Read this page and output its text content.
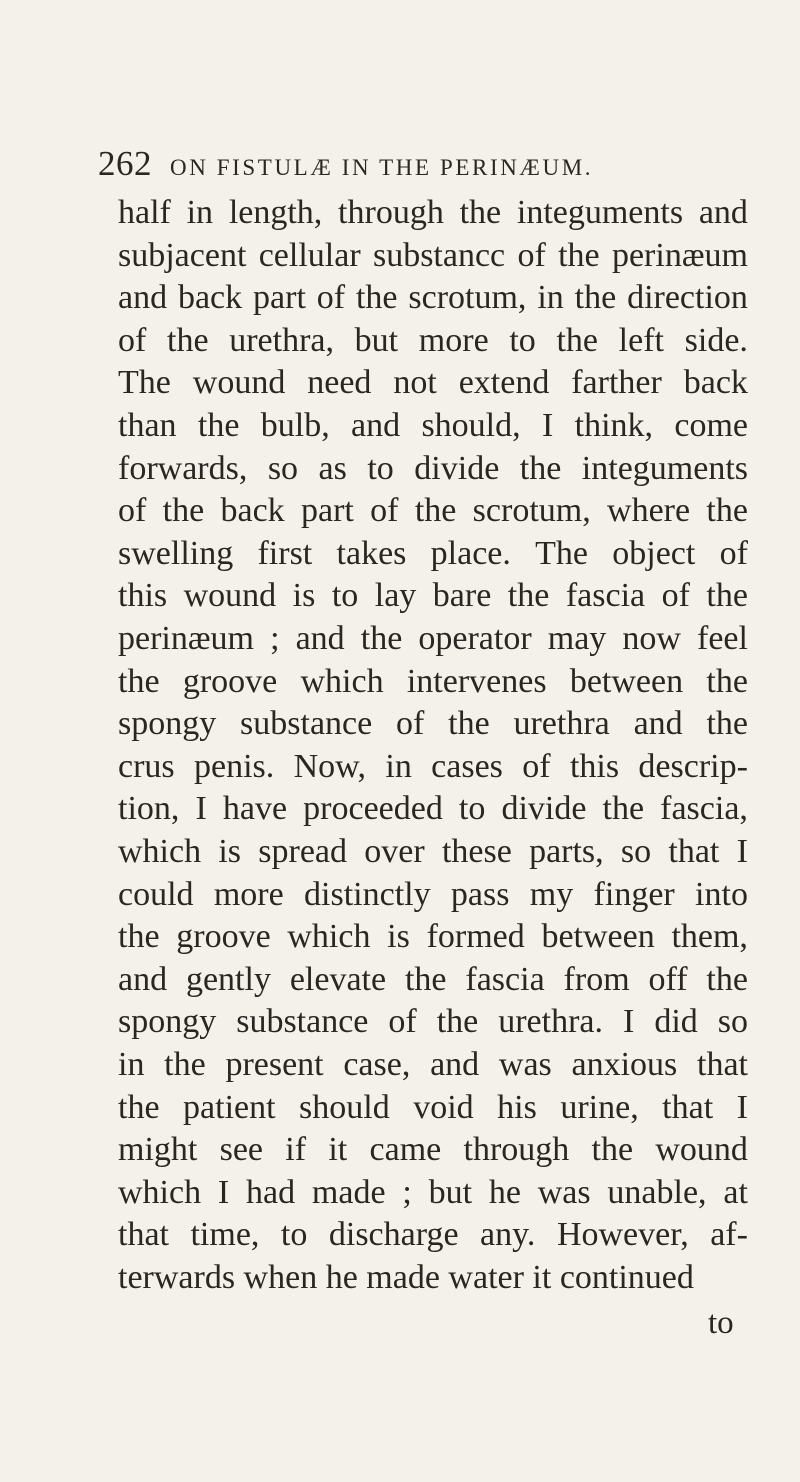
262 ON FISTULÆ IN THE PERINÆUM.
half in length, through the integuments and
subjacent cellular substancc of the perinæum
and back part of the scrotum, in the direction
of the urethra, but more to the left side.
The wound need not extend farther back
than the bulb, and should, I think, come
forwards, so as to divide the integuments
of the back part of the scrotum, where the
swelling first takes place. The object of
this wound is to lay bare the fascia of the
perinæum ; and the operator may now feel
the groove which intervenes between the
spongy substance of the urethra and the
crus penis. Now, in cases of this descrip-
tion, I have proceeded to divide the fascia,
which is spread over these parts, so that I
could more distinctly pass my finger into
the groove which is formed between them,
and gently elevate the fascia from off the
spongy substance of the urethra. I did so
in the present case, and was anxious that
the patient should void his urine, that I
might see if it came through the wound
which I had made ; but he was unable, at
that time, to discharge any. However, af-
terwards when he made water it continued
to
